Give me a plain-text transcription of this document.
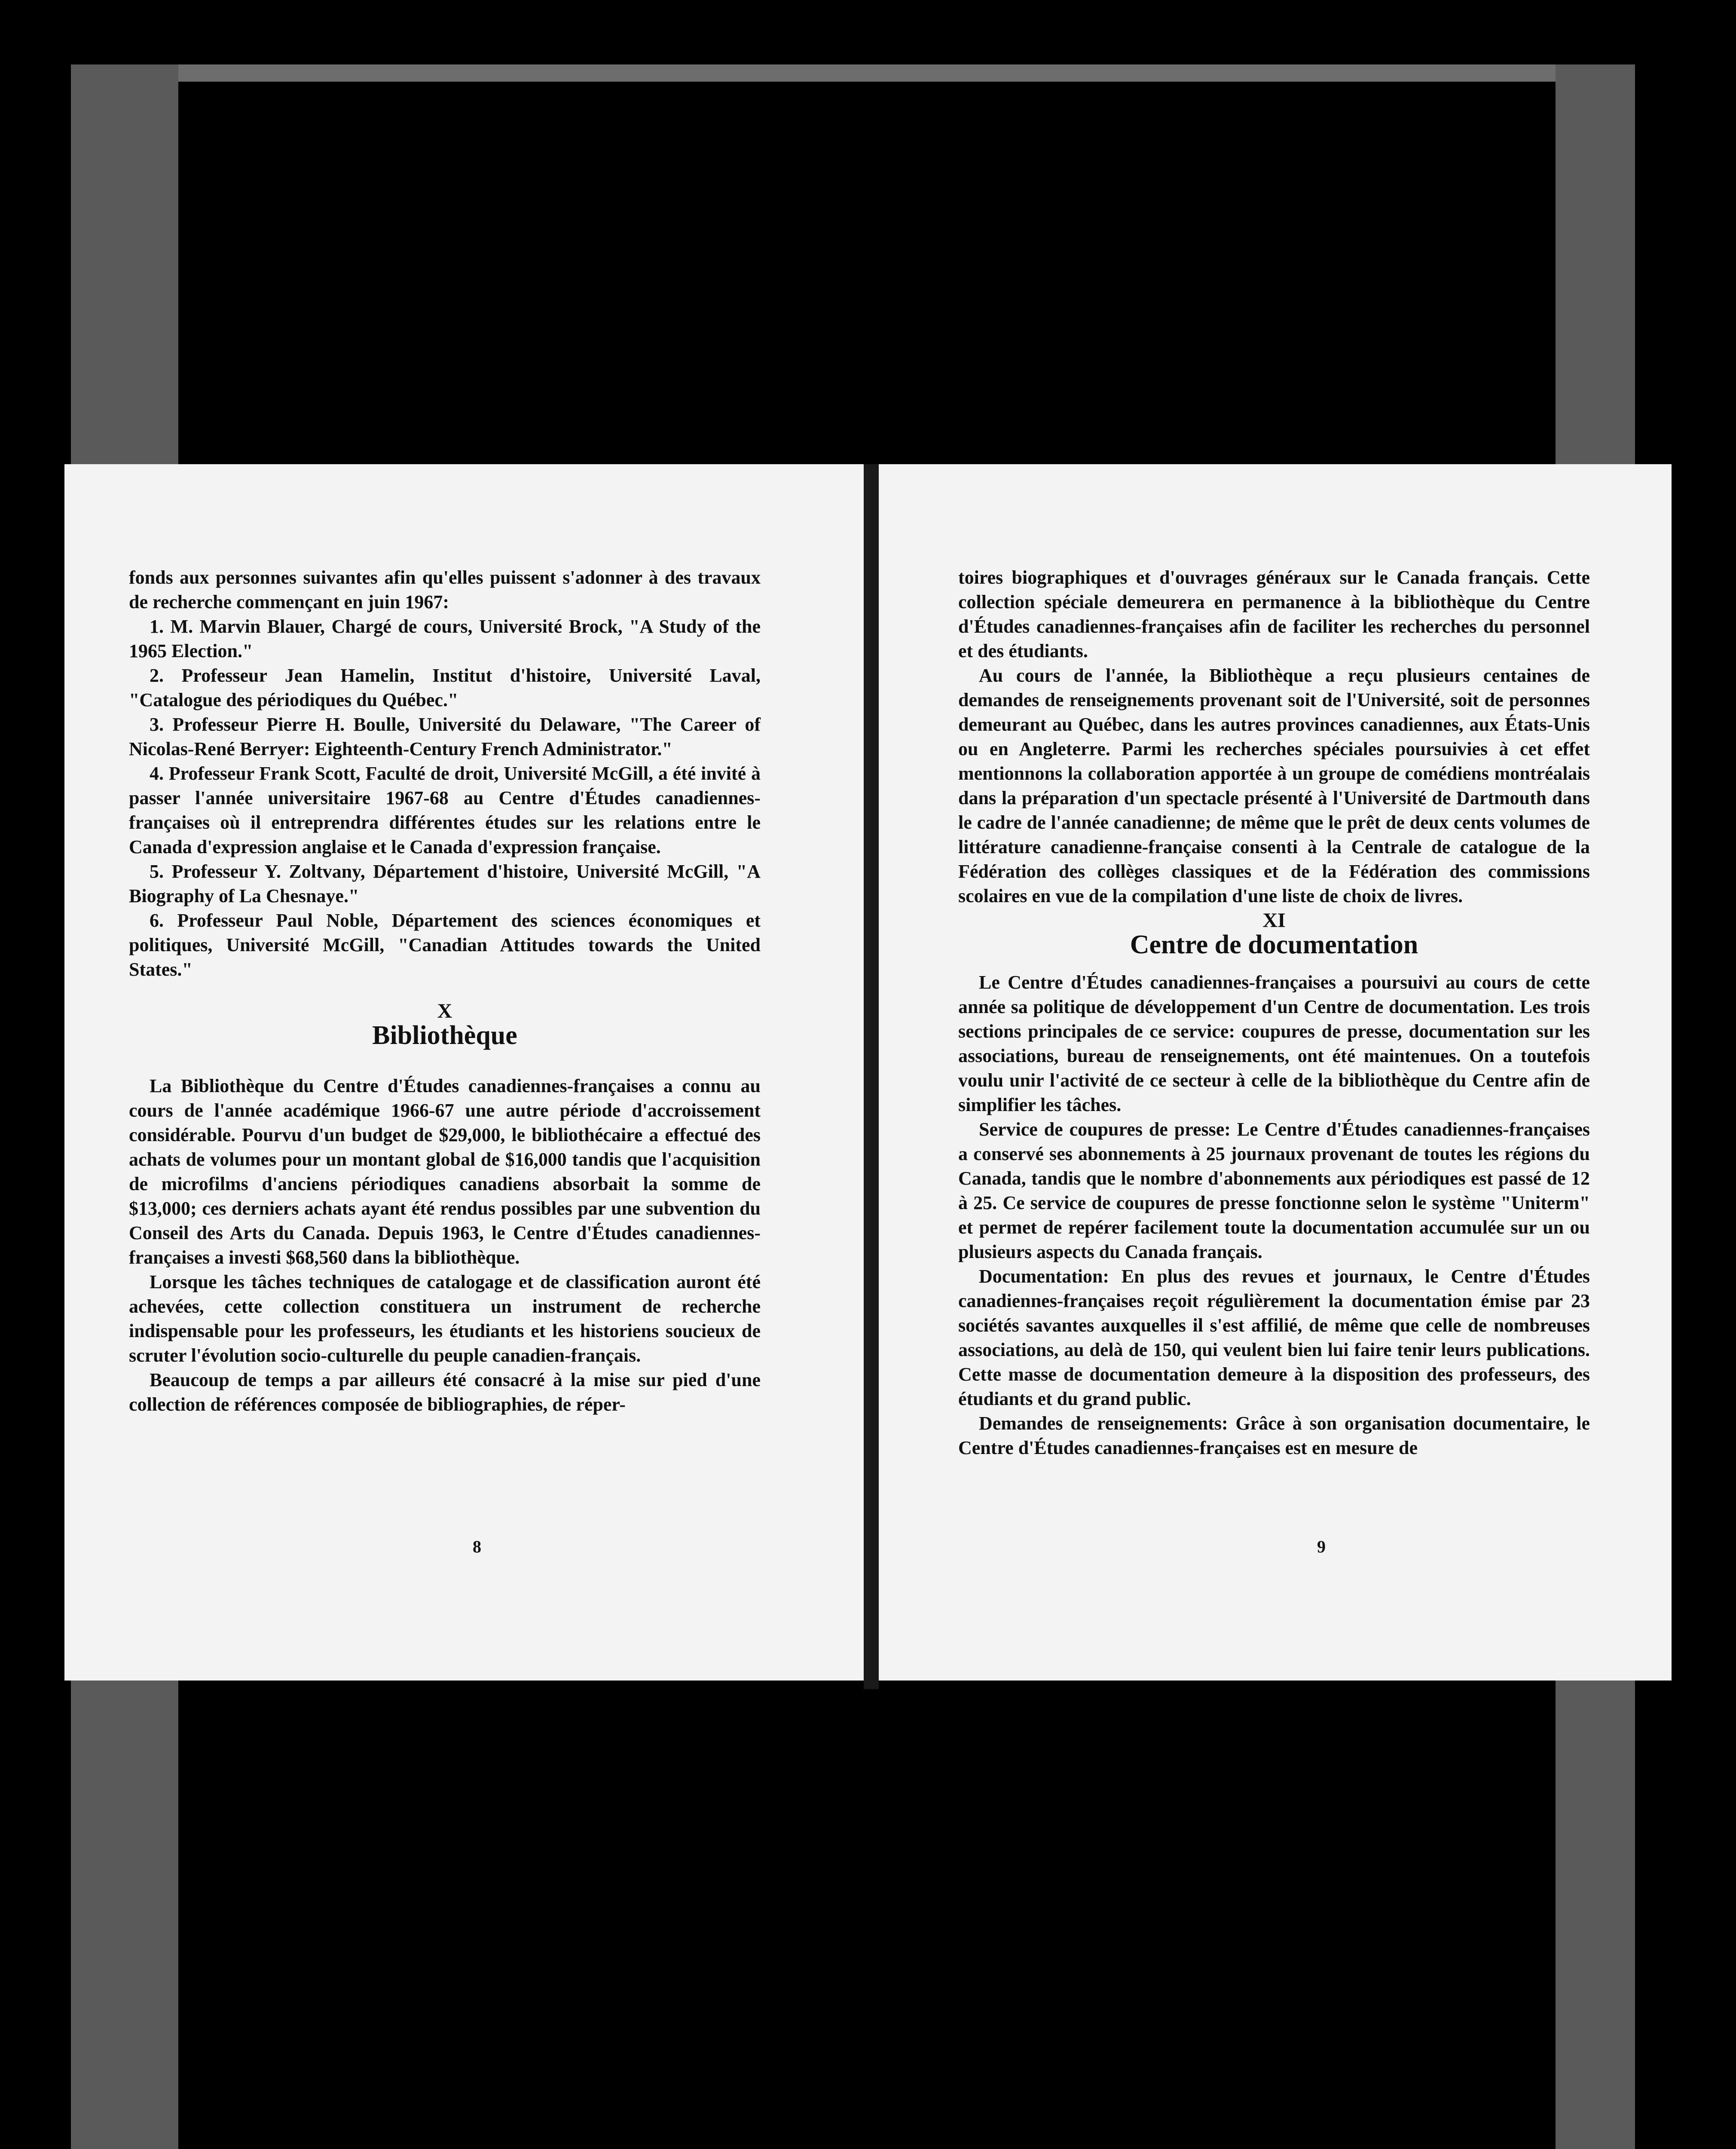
fonds aux personnes suivantes afin qu'elles puissent s'adonner à des travaux de recherche commençant en juin 1967:

1. M. Marvin Blauer, Chargé de cours, Université Brock, "A Study of the 1965 Election."

2. Professeur Jean Hamelin, Institut d'histoire, Université Laval, "Catalogue des périodiques du Québec."

3. Professeur Pierre H. Boulle, Université du Delaware, "The Career of Nicolas-René Berryer: Eighteenth-Century French Administrator."

4. Professeur Frank Scott, Faculté de droit, Université McGill, a été invité à passer l'année universitaire 1967-68 au Centre d'Études canadiennes-françaises où il entreprendra différentes études sur les relations entre le Canada d'expression anglaise et le Canada d'expression française.

5. Professeur Y. Zoltvany, Département d'histoire, Université McGill, "A Biography of La Chesnaye."

6. Professeur Paul Noble, Département des sciences économiques et politiques, Université McGill, "Canadian Attitudes towards the United States."

X
Bibliothèque

La Bibliothèque du Centre d'Études canadiennes-françaises a connu au cours de l'année académique 1966-67 une autre période d'accroissement considérable. Pourvu d'un budget de $29,000, le bibliothécaire a effectué des achats de volumes pour un montant global de $16,000 tandis que l'acquisition de microfilms d'anciens périodiques canadiens absorbait la somme de $13,000; ces derniers achats ayant été rendus possibles par une subvention du Conseil des Arts du Canada. Depuis 1963, le Centre d'Études canadiennes-françaises a investi $68,560 dans la bibliothèque.

Lorsque les tâches techniques de catalogage et de classification auront été achevées, cette collection constituera un instrument de recherche indispensable pour les professeurs, les étudiants et les historiens soucieux de scruter l'évolution socio-culturelle du peuple canadien-français.

Beaucoup de temps a par ailleurs été consacré à la mise sur pied d'une collection de références composée de bibliographies, de réper-

8

toires biographiques et d'ouvrages généraux sur le Canada français. Cette collection spéciale demeurera en permanence à la bibliothèque du Centre d'Études canadiennes-françaises afin de faciliter les recherches du personnel et des étudiants.

Au cours de l'année, la Bibliothèque a reçu plusieurs centaines de demandes de renseignements provenant soit de l'Université, soit de personnes demeurant au Québec, dans les autres provinces canadiennes, aux États-Unis ou en Angleterre. Parmi les recherches spéciales poursuivies à cet effet mentionnons la collaboration apportée à un groupe de comédiens montréalais dans la préparation d'un spectacle présenté à l'Université de Dartmouth dans le cadre de l'année canadienne; de même que le prêt de deux cents volumes de littérature canadienne-française consenti à la Centrale de catalogue de la Fédération des collèges classiques et de la Fédération des commissions scolaires en vue de la compilation d'une liste de choix de livres.

XI
Centre de documentation

Le Centre d'Études canadiennes-françaises a poursuivi au cours de cette année sa politique de développement d'un Centre de documentation. Les trois sections principales de ce service: coupures de presse, documentation sur les associations, bureau de renseignements, ont été maintenues. On a toutefois voulu unir l'activité de ce secteur à celle de la bibliothèque du Centre afin de simplifier les tâches.

Service de coupures de presse: Le Centre d'Études canadiennes-françaises a conservé ses abonnements à 25 journaux provenant de toutes les régions du Canada, tandis que le nombre d'abonnements aux périodiques est passé de 12 à 25. Ce service de coupures de presse fonctionne selon le système "Uniterm" et permet de repérer facilement toute la documentation accumulée sur un ou plusieurs aspects du Canada français.

Documentation: En plus des revues et journaux, le Centre d'Études canadiennes-françaises reçoit régulièrement la documentation émise par 23 sociétés savantes auxquelles il s'est affilié, de même que celle de nombreuses associations, au delà de 150, qui veulent bien lui faire tenir leurs publications. Cette masse de documentation demeure à la disposition des professeurs, des étudiants et du grand public.

Demandes de renseignements: Grâce à son organisation documentaire, le Centre d'Études canadiennes-françaises est en mesure de

9
